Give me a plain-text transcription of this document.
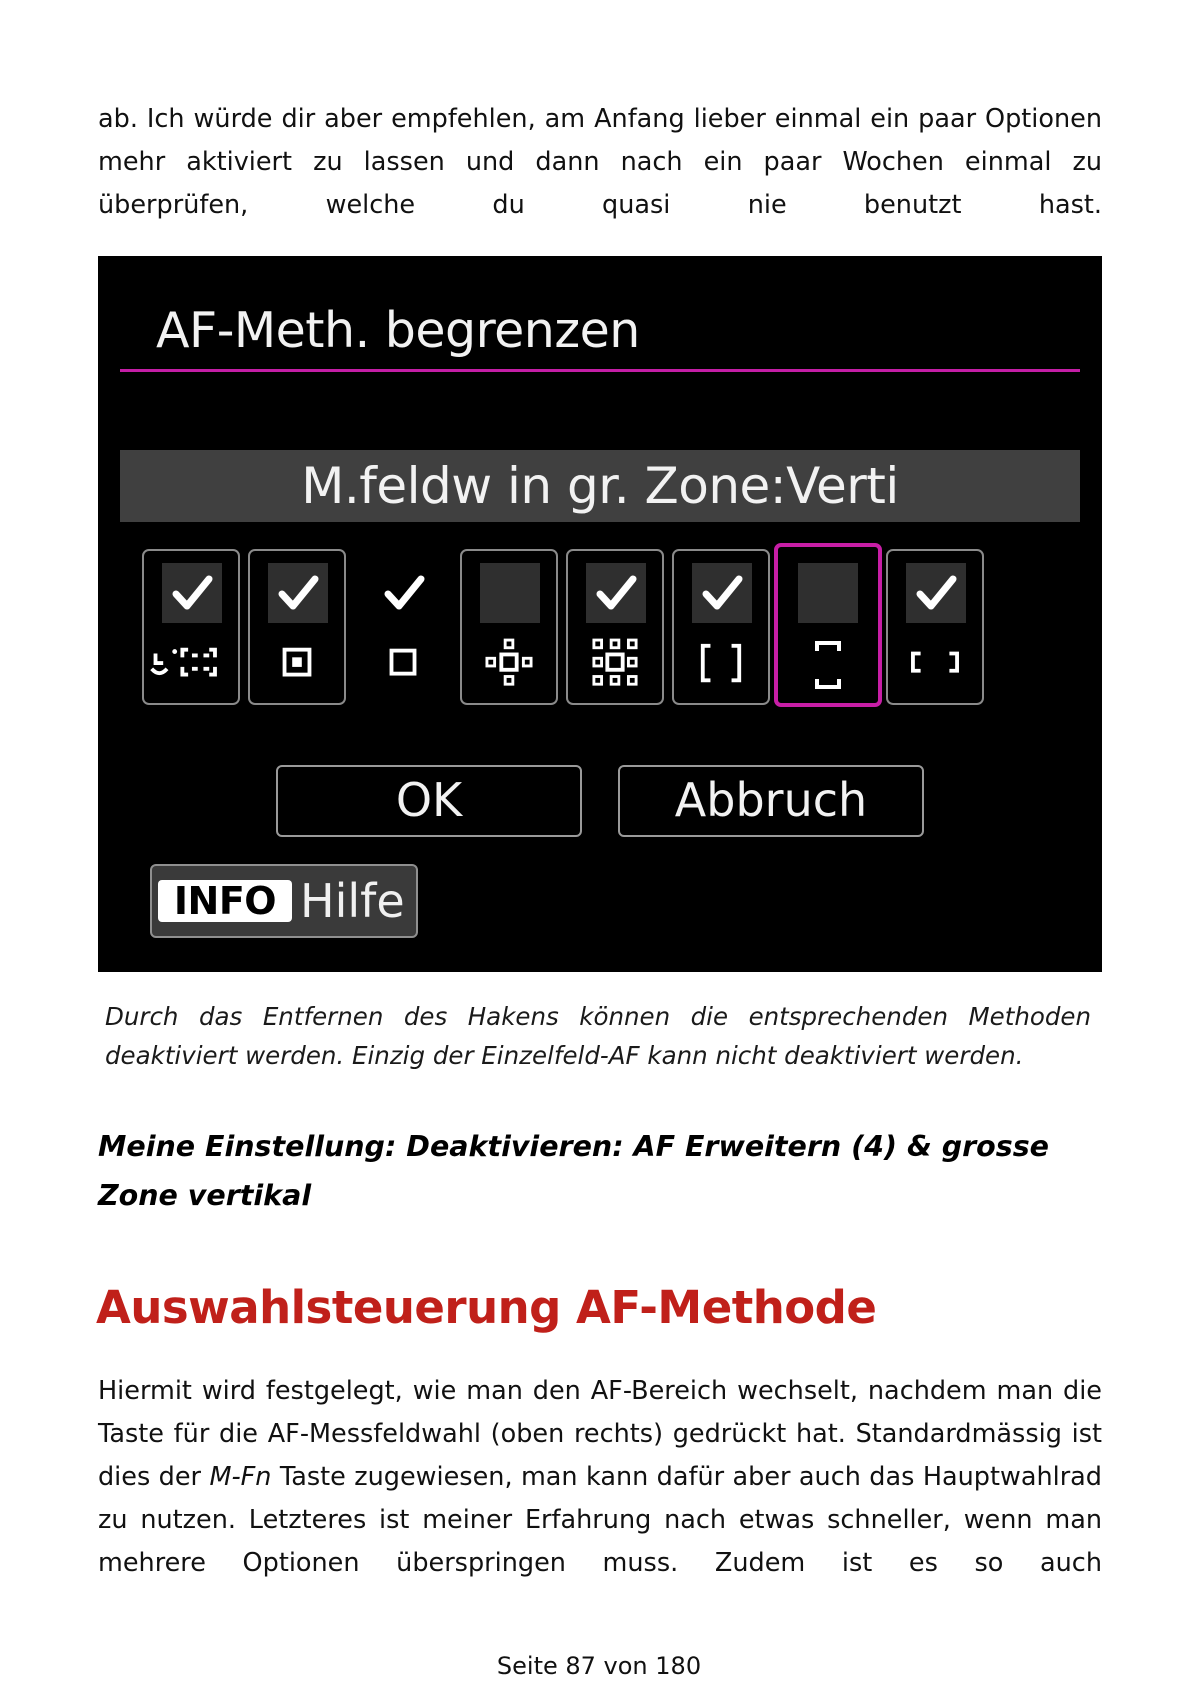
ab. Ich würde dir aber empfehlen, am Anfang lieber einmal ein paar Optionen mehr aktiviert zu lassen und dann nach ein paar Wochen einmal zu überprüfen, welche du quasi nie benutzt hast.

AF-Meth. begrenzen
M.feldw in gr. Zone:Verti
OK	Abbruch
INFO Hilfe

Durch das Entfernen des Hakens können die entsprechenden Methoden

deaktiviert werden. Einzig der Einzelfeld-AF kann nicht deaktiviert werden.

Meine Einstellung: Deaktivieren: AF Erweitern (4) & grosse

Zone vertikal

Auswahlsteuerung AF-Methode

Hiermit wird festgelegt, wie man den AF-Bereich wechselt, nachdem man die Taste für die AF-Messfeldwahl (oben rechts) gedrückt hat. Standardmässig ist dies der M-Fn Taste zugewiesen, man kann dafür aber auch das Hauptwahlrad zu nutzen. Letzteres ist meiner Erfahrung nach etwas schneller, wenn man mehrere Optionen überspringen muss. Zudem ist es so auch

Seite 87 von 180
